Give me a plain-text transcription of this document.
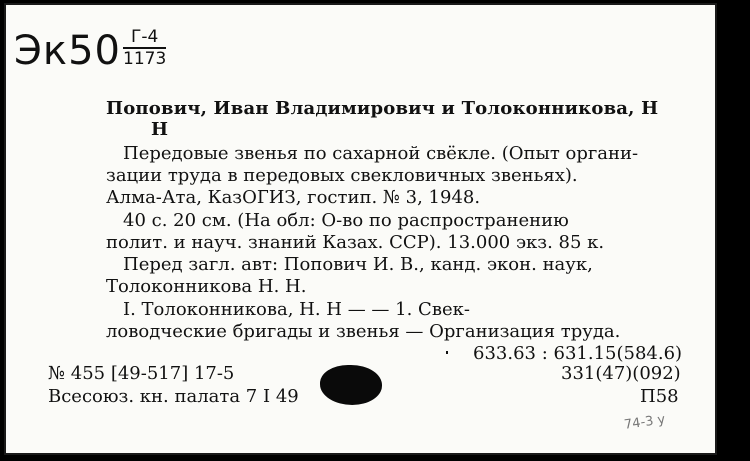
Эк50 Г-4
1173
Попович, Иван Владимирович и Толоконникова, Н
Н
Передовые звенья по сахарной свёкле. (Опыт органи-
зации труда в передовых свекловичных звеньях).
Алма-Ата, КазОГИЗ, гостип. № 3, 1948.
40 с. 20 см. (На обл: О-во по распространению
полит. и науч. знаний Казах. ССР). 13.000 экз. 85 к.
Перед загл. авт: Попович И. В., канд. экон. наук,
Толоконникова Н. Н.
I. Толоконникова, Н. Н — — 1. Свек-
ловодческие бригады и звенья — Организация труда.
633.63 : 631.15(584.6)
№ 455 [49-517] 17-5	331(47)(092)
Всесоюз. кн. палата 7 I 49	П58
74-3 у
